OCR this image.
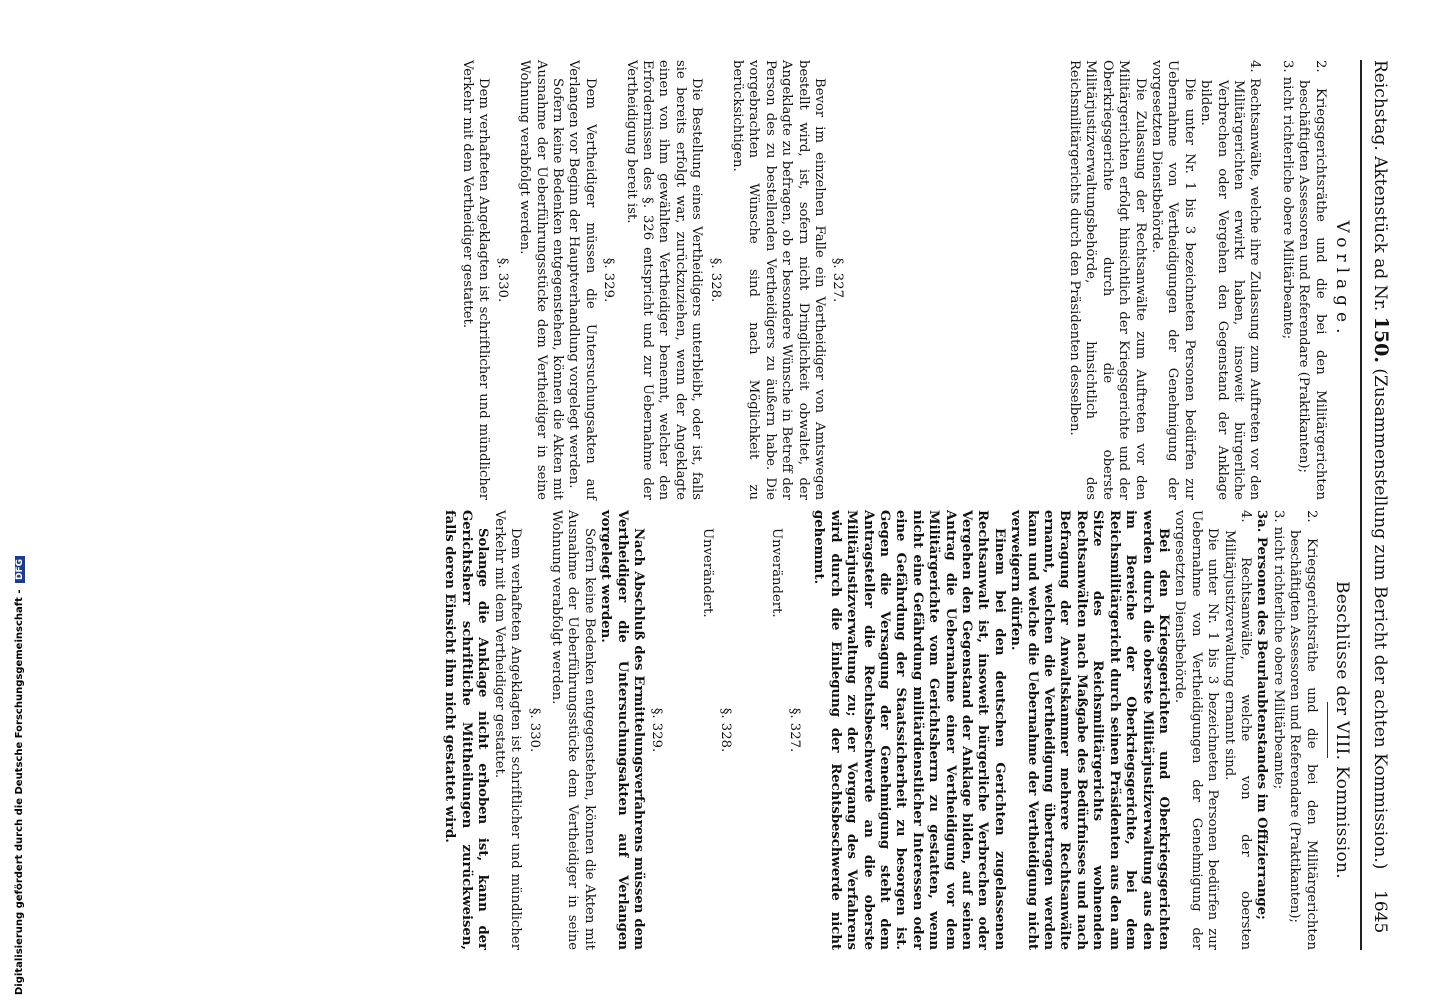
Reichstag. Aktenstück ad Nr. 150. (Zusammenstellung zum Bericht der achten Kommission.)
1645
Vorlage.

2. Kriegsgerichtsräthe und die bei den Militärgerichten beschäftigten Assessoren und Referendare (Praktikanten);

3. nicht richterliche obere Militärbeamte;

4. Rechtsanwälte, welche ihre Zulassung zum Auftreten vor den Militärgerichten erwirkt haben, insoweit bürgerliche Verbrechen oder Vergehen den Gegenstand der Anklage bilden.

Die unter Nr. 1 bis 3 bezeichneten Personen bedürfen zur Uebernahme von Vertheidigungen der Genehmigung der vorgesetzten Dienstbehörde.

Die Zulassung der Rechtsanwälte zum Auftreten vor den Militärgerichten erfolgt hinsichtlich der Kriegsgerichte und der Oberkriegsgerichte durch die oberste Militärjustizverwaltungsbehörde, hinsichtlich des Reichsmilitärgerichts durch den Präsidenten desselben.

§. 327.

Bevor im einzelnen Falle ein Vertheidiger von Amtswegen bestellt wird, ist, sofern nicht Dringlichkeit obwaltet, der Angeklagte zu befragen, ob er besondere Wünsche in Betreff der Person des zu bestellenden Vertheidigers zu äußern habe. Die vorgebrachten Wünsche sind nach Möglichkeit zu berücksichtigen.

§. 328.

Die Bestellung eines Vertheidigers unterbleibt, oder ist, falls sie bereits erfolgt war, zurückzuziehen, wenn der Angeklagte einen von ihm gewählten Vertheidiger benennt, welcher den Erfordernissen des §. 326 entspricht und zur Uebernahme der Vertheidigung bereit ist.

§. 329.

Dem Vertheidiger müssen die Untersuchungsakten auf Verlangen vor Beginn der Hauptverhandlung vorgelegt werden.

Sofern keine Bedenken entgegenstehen, können die Akten mit Ausnahme der Ueberführungsstücke dem Vertheidiger in seine Wohnung verabfolgt werden.

§. 330.

Dem verhafteten Angeklagten ist schriftlicher und mündlicher Verkehr mit dem Vertheidiger gestattet.

Beschlüsse der VIII. Kommission.

2. Kriegsgerichtsräthe und die bei den Militärgerichten beschäftigten Assessoren und Referendare (Praktikanten);

3. nicht richterliche obere Militärbeamte;

3a. Personen des Beurlaubtenstandes im Offizierrange;

4. Rechtsanwälte, welche von der obersten Militärjustizverwaltung ernannt sind.

Die unter Nr. 1 bis 3 bezeichneten Personen bedürfen zur Uebernahme von Vertheidigungen der Genehmigung der vorgesetzten Dienstbehörde.

Bei den Kriegsgerichten und Oberkriegsgerichten werden durch die oberste Militärjustizverwaltung aus den im Bereiche der Oberkriegsgerichte, bei dem Reichsmilitärgericht durch seinen Präsidenten aus den am Sitze des Reichsmilitärgerichts wohnenden Rechtsanwälten nach Maßgabe des Bedürfnisses und nach Befragung der Anwaltskammer mehrere Rechtsanwälte ernannt, welchen die Vertheidigung übertragen werden kann und welche die Uebernahme der Vertheidigung nicht verweigern dürfen.

Einem bei den deutschen Gerichten zugelassenen Rechtsanwalt ist, insoweit bürgerliche Verbrechen oder Vergehen den Gegenstand der Anklage bilden, auf seinen Antrag die Uebernahme einer Vertheidigung vor dem Militärgerichte vom Gerichtsherrn zu gestatten, wenn nicht eine Gefährdung militärdienstlicher Interessen oder eine Gefährdung der Staatssicherheit zu besorgen ist. Gegen die Versagung der Genehmigung steht dem Antragsteller die Rechtsbeschwerde an die oberste Militärjustizverwaltung zu; der Vorgang des Verfahrens wird durch die Einlegung der Rechtsbeschwerde nicht gehemmt.

§. 327.

Unverändert.

§. 328.

Unverändert.

§. 329.

Nach Abschluß des Ermittelungsverfahrens müssen dem Vertheidiger die Untersuchungsakten auf Verlangen vorgelegt werden.

Sofern keine Bedenken entgegenstehen, können die Akten mit Ausnahme der Ueberführungsstücke dem Vertheidiger in seine Wohnung verabfolgt werden.

§. 330.

Dem verhafteten Angeklagten ist schriftlicher und mündlicher Verkehr mit dem Vertheidiger gestattet.

Solange die Anklage nicht erhoben ist, kann der Gerichtsherr schriftliche Mittheilungen zurückweisen, falls deren Einsicht ihm nicht gestattet wird.

Digitalisierung gefördert durch die Deutsche Forschungsgemeinschaft - DFG
